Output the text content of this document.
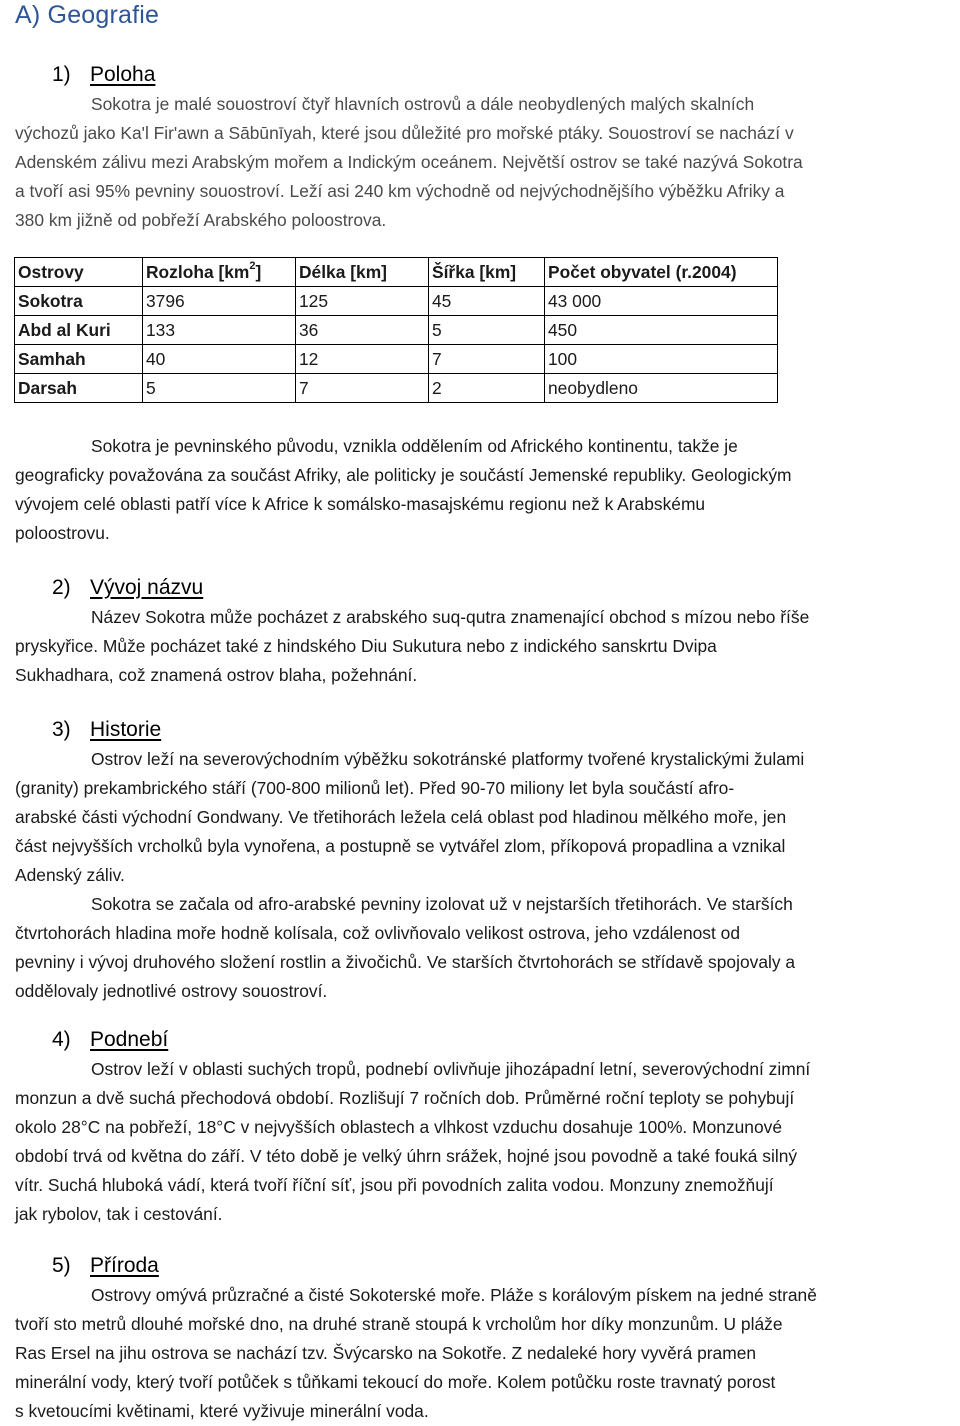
A) Geografie
1) Poloha
Sokotra je malé souostroví čtyř hlavních ostrovů a dále neobydlených malých skalních
výchozů jako Ka'l Fir'awn a Sābūnīyah, které jsou důležité pro mořské ptáky. Souostroví se nachází v
Adenském zálivu mezi Arabským mořem a Indickým oceánem. Největší ostrov se také nazývá Sokotra
a tvoří asi 95% pevniny souostroví. Leží asi 240 km východně od nejvýchodnějšího výběžku Afriky a
380 km jižně od pobřeží Arabského poloostrova.
Ostrovy	Rozloha $[km^2]$	Délka [km]	Šířka [km]	Počet obyvatel (r.2004)
Sokotra	3796	125	45	43 000
Abd al Kuri	133	36	5	450
Samhah	40	12	7	100
Darsah	5	7	2	neobydleno
Sokotra je pevninského původu, vznikla oddělením od Afrického kontinentu, takže je
geograficky považována za součást Afriky, ale politicky je součástí Jemenské republiky. Geologickým
vývojem celé oblasti patří více k Africe k somálsko-masajskému regionu než k Arabskému
poloostrovu.
2) Vývoj názvu
Název Sokotra může pocházet z arabského suq-qutra znamenající obchod s mízou nebo říše
pryskyřice. Může pocházet také z hindského Diu Sukutura nebo z indického sanskrtu Dvipa
Sukhadhara, což znamená ostrov blaha, požehnání.
3) Historie
Ostrov leží na severovýchodním výběžku sokotránské platformy tvořené krystalickými žulami
(granity) prekambrického stáří (700-800 milionů let). Před 90-70 miliony let byla součástí afro-
arabské části východní Gondwany. Ve třetihorách ležela celá oblast pod hladinou mělkého moře, jen
část nejvyšších vrcholků byla vynořena, a postupně se vytvářel zlom, příkopová propadlina a vznikal
Adenský záliv.
Sokotra se začala od afro-arabské pevniny izolovat už v nejstarších třetihorách. Ve starších
čtvrtohorách hladina moře hodně kolísala, což ovlivňovalo velikost ostrova, jeho vzdálenost od
pevniny i vývoj druhového složení rostlin a živočichů. Ve starších čtvrtohorách se střídavě spojovaly a
oddělovaly jednotlivé ostrovy souostroví.
4) Podnebí
Ostrov leží v oblasti suchých tropů, podnebí ovlivňuje jihozápadní letní, severovýchodní zimní
monzun a dvě suchá přechodová období. Rozlišují 7 ročních dob. Průměrné roční teploty se pohybují
okolo 28°C na pobřeží, 18°C v nejvyšších oblastech a vlhkost vzduchu dosahuje 100%. Monzunové
období trvá od května do září. V této době je velký úhrn srážek, hojné jsou povodně a také fouká silný
vítr. Suchá hluboká vádí, která tvoří říční síť, jsou při povodních zalita vodou. Monzuny znemožňují
jak rybolov, tak i cestování.
5) Příroda
Ostrovy omývá průzračné a čisté Sokoterské moře. Pláže s korálovým pískem na jedné straně
tvoří sto metrů dlouhé mořské dno, na druhé straně stoupá k vrcholům hor díky monzunům. U pláže
Ras Ersel na jihu ostrova se nachází tzv. Švýcarsko na Sokotře. Z nedaleké hory vyvěrá pramen
minerální vody, který tvoří potůček s tůňkami tekoucí do moře. Kolem potůčku roste travnatý porost
s kvetoucími květinami, které vyživuje minerální voda.
